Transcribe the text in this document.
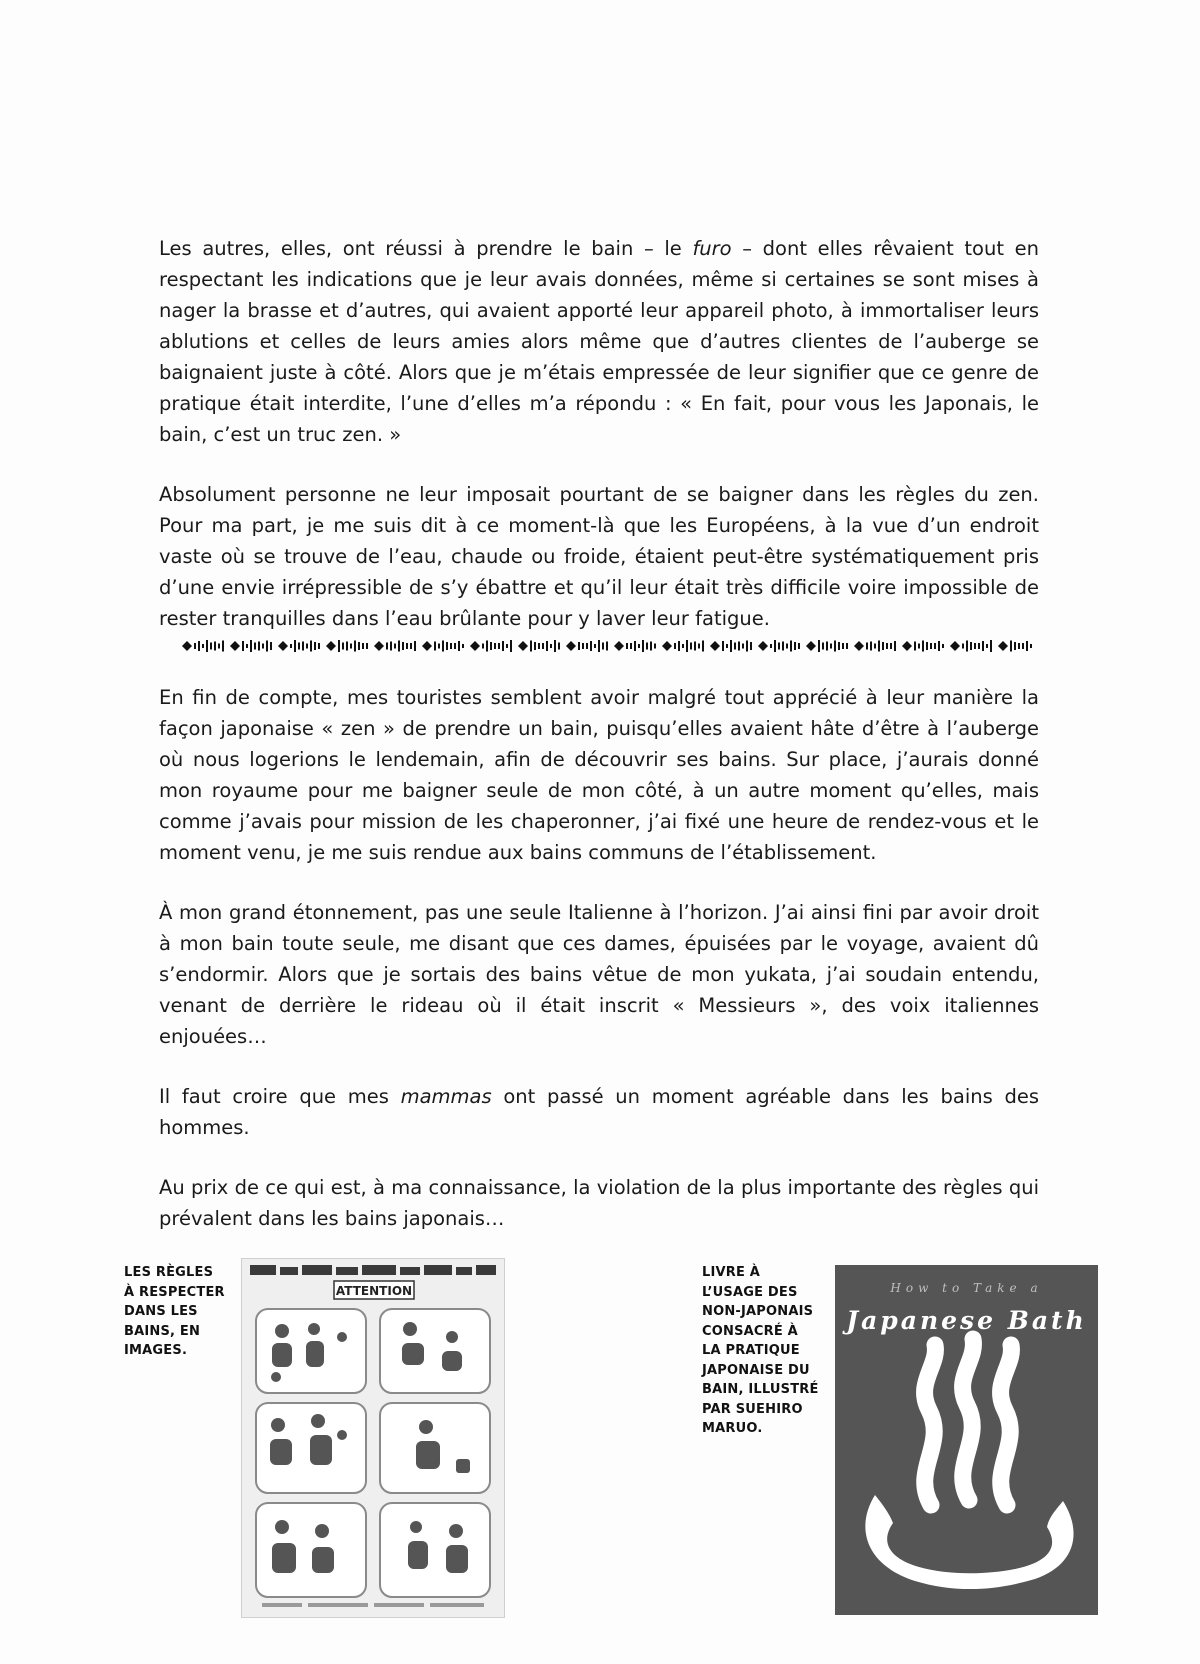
Les autres, elles, ont réussi à prendre le bain – le furo – dont elles rêvaient tout en respectant les indications que je leur avais données, même si certaines se sont mises à nager la brasse et d’autres, qui avaient apporté leur appareil photo, à immortaliser leurs ablutions et celles de leurs amies alors même que d’autres clientes de l’auberge se baignaient juste à côté. Alors que je m’étais empressée de leur signifier que ce genre de pratique était interdite, l’une d’elles m’a répondu : « En fait, pour vous les Japonais, le bain, c’est un truc zen. »

Absolument personne ne leur imposait pourtant de se baigner dans les règles du zen. Pour ma part, je me suis dit à ce moment-là que les Européens, à la vue d’un endroit vaste où se trouve de l’eau, chaude ou froide, étaient peut-être systématiquement pris d’une envie irrépressible de s’y ébattre et qu’il leur était très difficile voire impossible de rester tranquilles dans l’eau brûlante pour y laver leur fatigue.

En fin de compte, mes touristes semblent avoir malgré tout apprécié à leur manière la façon japonaise « zen » de prendre un bain, puisqu’elles avaient hâte d’être à l’auberge où nous logerions le lendemain, afin de découvrir ses bains. Sur place, j’aurais donné mon royaume pour me baigner seule de mon côté, à un autre moment qu’elles, mais comme j’avais pour mission de les chaperonner, j’ai fixé une heure de rendez-vous et le moment venu, je me suis rendue aux bains communs de l’établissement.

À mon grand étonnement, pas une seule Italienne à l’horizon. J’ai ainsi fini par avoir droit à mon bain toute seule, me disant que ces dames, épuisées par le voyage, avaient dû s’endormir. Alors que je sortais des bains vêtue de mon yukata, j’ai soudain entendu, venant de derrière le rideau où il était inscrit « Messieurs », des voix italiennes enjouées…

Il faut croire que mes mammas ont passé un moment agréable dans les bains des hommes.

Au prix de ce qui est, à ma connaissance, la violation de la plus importante des règles qui prévalent dans les bains japonais…

LES RÈGLES
À RESPECTER
DANS LES
BAINS, EN
IMAGES.
ATTENTION
LIVRE À
L’USAGE DES
NON-JAPONAIS
CONSACRÉ À
LA PRATIQUE
JAPONAISE DU
BAIN, ILLUSTRÉ
PAR SUEHIRO
MARUO.
How to Take a
Japanese Bath
